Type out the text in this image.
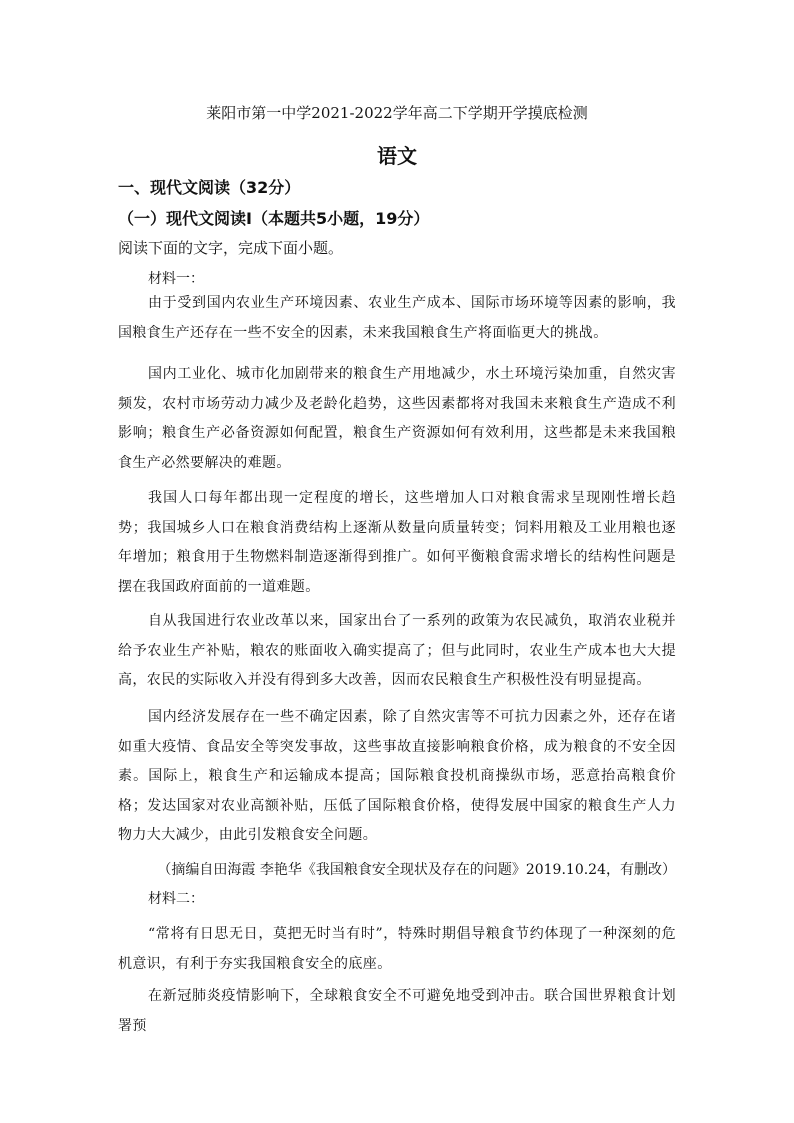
莱阳市第一中学2021-2022学年高二下学期开学摸底检测
语文
一、现代文阅读（32分）
（一）现代文阅读Ⅰ（本题共5小题，19分）
阅读下面的文字，完成下面小题。
材料一：

由于受到国内农业生产环境因素、农业生产成本、国际市场环境等因素的影响，我国粮食生产还存在一些不安全的因素，未来我国粮食生产将面临更大的挑战。

国内工业化、城市化加剧带来的粮食生产用地减少，水土环境污染加重，自然灾害频发，农村市场劳动力减少及老龄化趋势，这些因素都将对我国未来粮食生产造成不利影响；粮食生产必备资源如何配置，粮食生产资源如何有效利用，这些都是未来我国粮食生产必然要解决的难题。

我国人口每年都出现一定程度的增长，这些增加人口对粮食需求呈现刚性增长趋势；我国城乡人口在粮食消费结构上逐渐从数量向质量转变；饲料用粮及工业用粮也逐年增加；粮食用于生物燃料制造逐渐得到推广。如何平衡粮食需求增长的结构性问题是摆在我国政府面前的一道难题。

自从我国进行农业改革以来，国家出台了一系列的政策为农民减负，取消农业税并给予农业生产补贴，粮农的账面收入确实提高了；但与此同时，农业生产成本也大大提高，农民的实际收入并没有得到多大改善，因而农民粮食生产积极性没有明显提高。

国内经济发展存在一些不确定因素，除了自然灾害等不可抗力因素之外，还存在诸如重大疫情、食品安全等突发事故，这些事故直接影响粮食价格，成为粮食的不安全因素。国际上，粮食生产和运输成本提高；国际粮食投机商操纵市场，恶意抬高粮食价格；发达国家对农业高额补贴，压低了国际粮食价格，使得发展中国家的粮食生产人力物力大大减少，由此引发粮食安全问题。

（摘编自田海霞 李艳华《我国粮食安全现状及存在的问题》2019.10.24，有删改）
材料二：

“常将有日思无日，莫把无时当有时”，特殊时期倡导粮食节约体现了一种深刻的危机意识，有利于夯实我国粮食安全的底座。

在新冠肺炎疫情影响下，全球粮食安全不可避免地受到冲击。联合国世界粮食计划署预
